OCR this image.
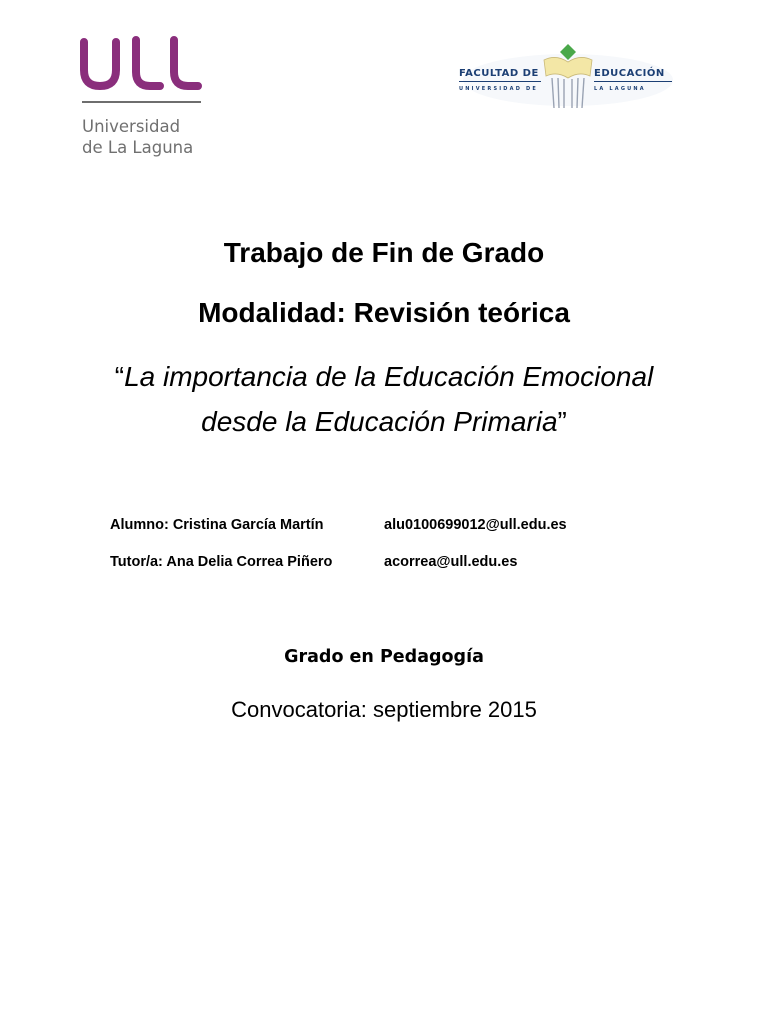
Universidad
de La Laguna
FACULTAD DE	EDUCACIÓN
UNIVERSIDAD DE	LA LAGUNA
Trabajo de Fin de Grado
Modalidad: Revisión teórica
“La importancia de la Educación Emocional
desde la Educación Primaria”
Alumno: Cristina García Martín	alu0100699012@ull.edu.es
Tutor/a: Ana Delia Correa Piñero	acorrea@ull.edu.es
Grado en Pedagogía
Convocatoria: septiembre 2015
